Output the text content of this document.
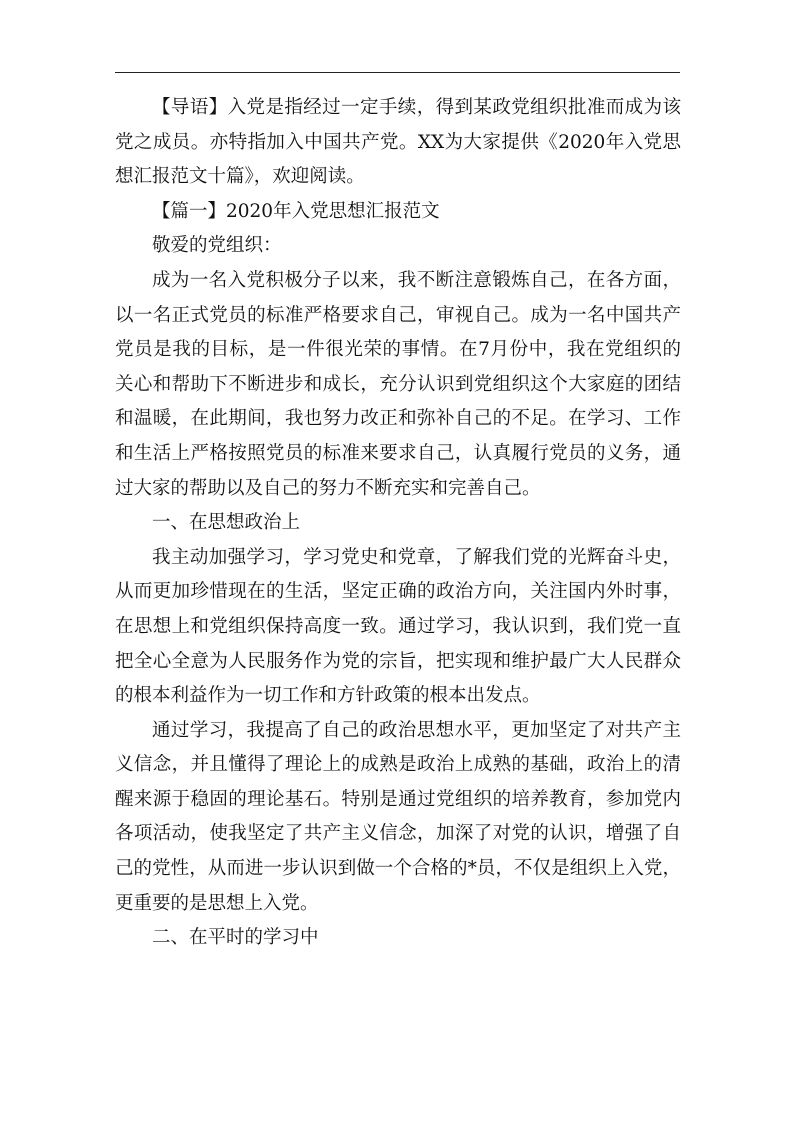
【导语】入党是指经过一定手续，得到某政党组织批准而成为该党之成员。亦特指加入中国共产党。XX为大家提供《2020年入党思想汇报范文十篇》，欢迎阅读。

【篇一】2020年入党思想汇报范文

敬爱的党组织：

成为一名入党积极分子以来，我不断注意锻炼自己，在各方面，以一名正式党员的标准严格要求自己，审视自己。成为一名中国共产党员是我的目标，是一件很光荣的事情。在7月份中，我在党组织的关心和帮助下不断进步和成长，充分认识到党组织这个大家庭的团结和温暖，在此期间，我也努力改正和弥补自己的不足。在学习、工作和生活上严格按照党员的标准来要求自己，认真履行党员的义务，通过大家的帮助以及自己的努力不断充实和完善自己。

一、在思想政治上

我主动加强学习，学习党史和党章，了解我们党的光辉奋斗史，从而更加珍惜现在的生活，坚定正确的政治方向，关注国内外时事，在思想上和党组织保持高度一致。通过学习，我认识到，我们党一直把全心全意为人民服务作为党的宗旨，把实现和维护最广大人民群众的根本利益作为一切工作和方针政策的根本出发点。

通过学习，我提高了自己的政治思想水平，更加坚定了对共产主义信念，并且懂得了理论上的成熟是政治上成熟的基础，政治上的清醒来源于稳固的理论基石。特别是通过党组织的培养教育，参加党内各项活动，使我坚定了共产主义信念，加深了对党的认识，增强了自己的党性，从而进一步认识到做一个合格的*员，不仅是组织上入党，更重要的是思想上入党。

二、在平时的学习中
